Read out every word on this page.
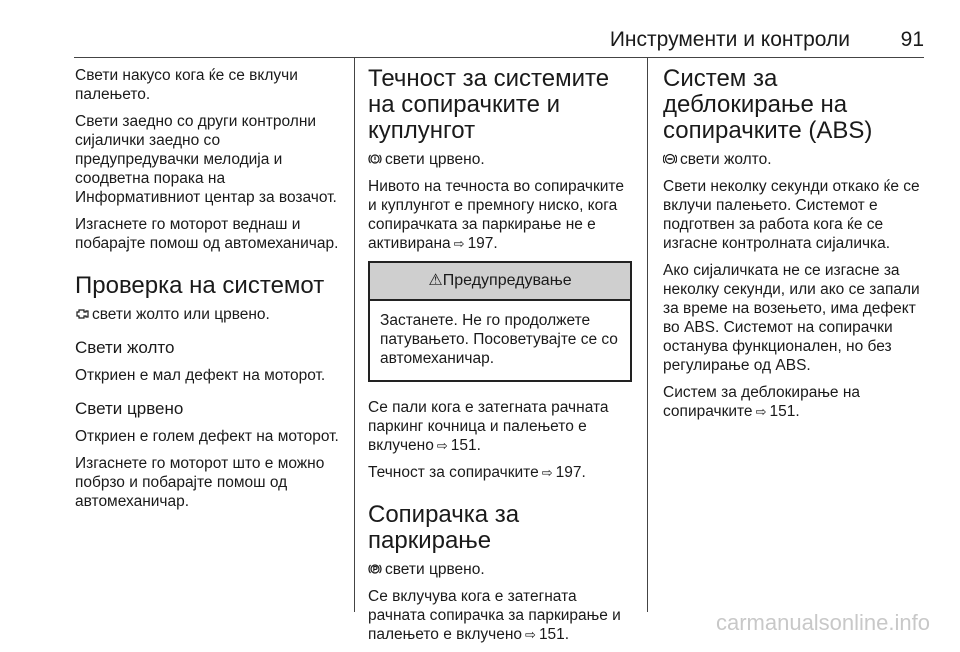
Инструменти и контроли 91

Свети накусо кога ќе се вклучи палењето.

Свети заедно со други контролни сијалички заедно со предупредувачки мелодија и соодветна порака на Информативниот центар за возачот.

Изгаснете го моторот веднаш и побарајте помош од автомеханичар.

Проверка на системот

свети жолто или црвено.

Свети жолто

Откриен е мал дефект на моторот.

Свети црвено

Откриен е голем дефект на моторот.

Изгаснете го моторот што е можно побрзо и побарајте помош од автомеханичар.

Течност за системите на сопирачките и куплунгот

свети црвено.

Нивото на течноста во сопирачките и куплунгот е премногу ниско, кога сопирачката за паркирање не е активирана ⇨ 197.

⚠Предупредување

Застанете. Не го продолжете патувањето. Посоветувајте се со автомеханичар.

Се пали кога е затегната рачната паркинг кочница и палењето е вклучено ⇨ 151.

Течност за сопирачките ⇨ 197.

Сопирачка за паркирање

свети црвено.

Се вклучува кога е затегната рачната сопирачка за паркирање и палењето е вклучено ⇨ 151.

Систем за деблокирање на сопирачките (ABS)

свети жолто.

Свети неколку секунди откако ќе се вклучи палењето. Системот е подготвен за работа кога ќе се изгасне контролната сијаличка.

Ако сијаличката не се изгасне за неколку секунди, или ако се запали за време на возењето, има дефект во ABS. Системот на сопирачки останува функционален, но без регулирање од ABS.

Систем за деблокирање на сопирачките ⇨ 151.

carmanualsonline.info
